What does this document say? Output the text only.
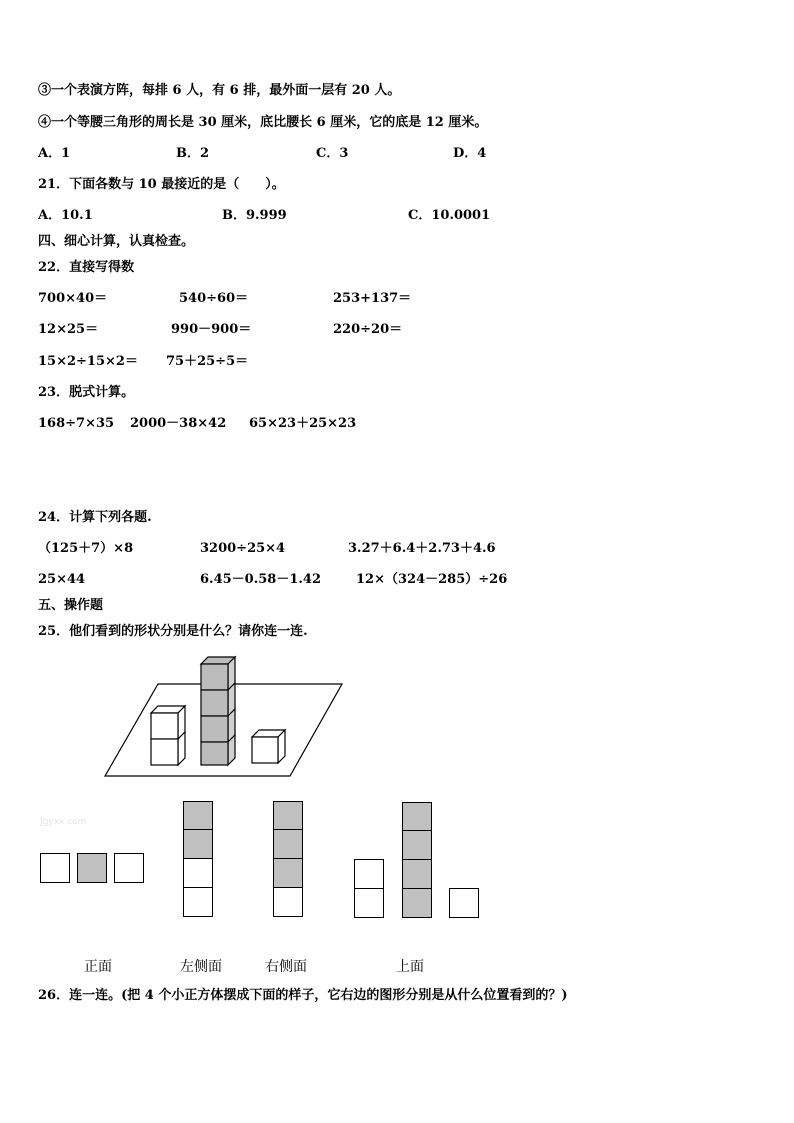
③一个表演方阵，每排 6 人，有 6 排，最外面一层有 20 人。
④一个等腰三角形的周长是 30 厘米，底比腰长 6 厘米，它的底是 12 厘米。
A．1	B．2	C．3	D．4
21．下面各数与 10 最接近的是（　　）。
A．10.1	B．9.999	C．10.0001
四、细心计算，认真检查。
22．直接写得数
700×40＝	540÷60＝	253+137＝
12×25＝	990－900＝	220÷20＝
15×2÷15×2＝ 75＋25÷5＝
23．脱式计算。
168÷7×35 2000－38×42 65×23＋25×23
24．计算下列各题.
（125＋7）×8	3200÷25×4	3.27＋6.4＋2.73＋4.6
25×44	6.45－0.58－1.42	12×（324－285）÷26
五、操作题
25．他们看到的形状分别是什么？请你连一连.
Jgyxx.com
正面	左侧面	右侧面	上面
26．连一连。(把 4 个小正方体摆成下面的样子，它右边的图形分别是从什么位置看到的？)
